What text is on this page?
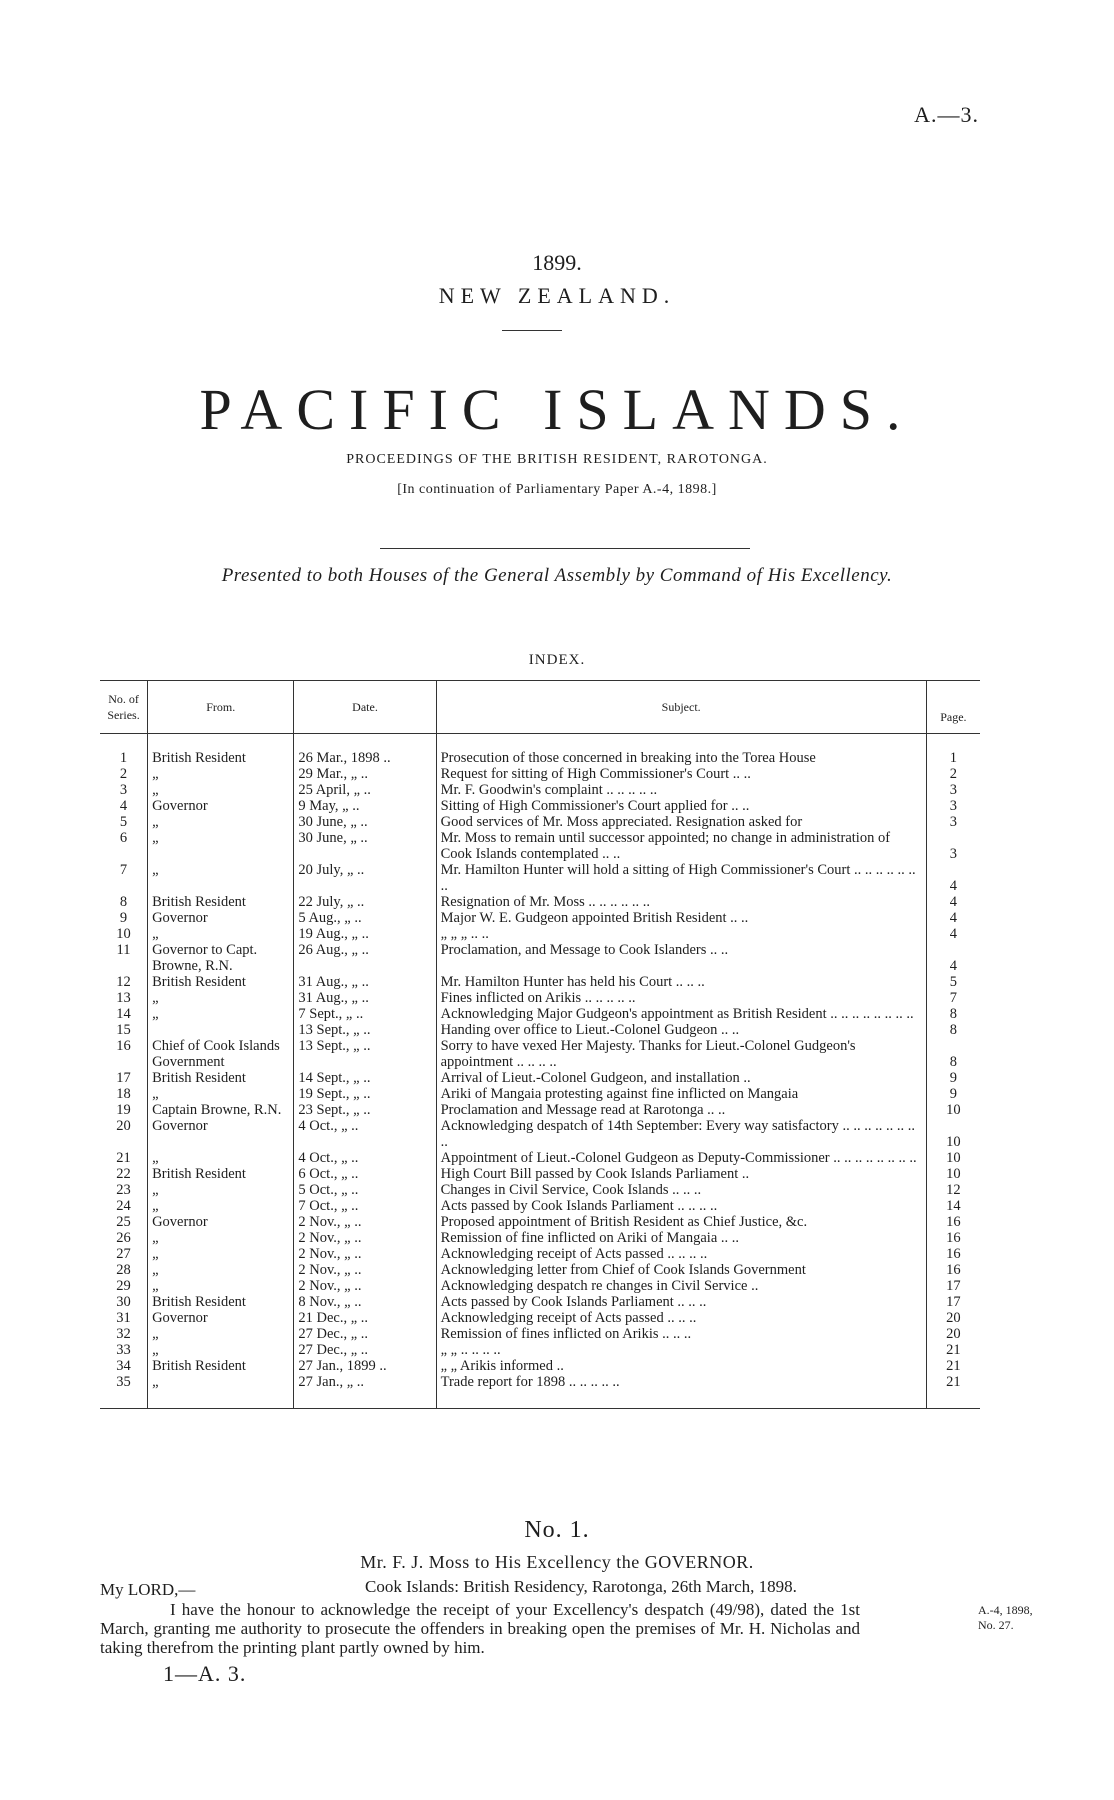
A.—3.
1899.
NEW ZEALAND.
PACIFIC ISLANDS.
PROCEEDINGS OF THE BRITISH RESIDENT, RAROTONGA.
[In continuation of Parliamentary Paper A.-4, 1898.]
Presented to both Houses of the General Assembly by Command of His Excellency.
INDEX.
No. of Series.	From.	Date.	Subject.	Page.
1	British Resident	26 Mar., 1898 ..	Prosecution of those concerned in breaking into the Torea House	1
2	„	29 Mar., „ ..	Request for sitting of High Commissioner's Court .. ..	2
3	„	25 April, „ ..	Mr. F. Goodwin's complaint .. .. .. .. ..	3
4	Governor	9 May, „ ..	Sitting of High Commissioner's Court applied for .. ..	3
5	„	30 June, „ ..	Good services of Mr. Moss appreciated. Resignation asked for	3
6	„	30 June, „ ..	Mr. Moss to remain until successor appointed; no change in administration of Cook Islands contemplated .. ..	3
7	„	20 July, „ ..	Mr. Hamilton Hunter will hold a sitting of High Commissioner's Court .. .. .. .. .. .. ..	4
8	British Resident	22 July, „ ..	Resignation of Mr. Moss .. .. .. .. .. ..	4
9	Governor	5 Aug., „ ..	Major W. E. Gudgeon appointed British Resident .. ..	4
10	„	19 Aug., „ ..	„ „ „ .. ..	4
11	Governor to Capt. Browne, R.N.	26 Aug., „ ..	Proclamation, and Message to Cook Islanders .. ..	4
12	British Resident	31 Aug., „ ..	Mr. Hamilton Hunter has held his Court .. .. ..	5
13	„	31 Aug., „ ..	Fines inflicted on Arikis .. .. .. .. ..	7
14	„	7 Sept., „ ..	Acknowledging Major Gudgeon's appointment as British Resident .. .. .. .. .. .. .. ..	8
15		13 Sept., „ ..	Handing over office to Lieut.-Colonel Gudgeon .. ..	8
16	Chief of Cook Islands Government	13 Sept., „ ..	Sorry to have vexed Her Majesty. Thanks for Lieut.-Colonel Gudgeon's appointment .. .. .. ..	8
17	British Resident	14 Sept., „ ..	Arrival of Lieut.-Colonel Gudgeon, and installation ..	9
18	„	19 Sept., „ ..	Ariki of Mangaia protesting against fine inflicted on Mangaia	9
19	Captain Browne, R.N.	23 Sept., „ ..	Proclamation and Message read at Rarotonga .. ..	10
20	Governor	4 Oct., „ ..	Acknowledging despatch of 14th September: Every way satisfactory .. .. .. .. .. .. .. ..	10
21	„	4 Oct., „ ..	Appointment of Lieut.-Colonel Gudgeon as Deputy-Commissioner .. .. .. .. .. .. .. ..	10
22	British Resident	6 Oct., „ ..	High Court Bill passed by Cook Islands Parliament ..	10
23	„	5 Oct., „ ..	Changes in Civil Service, Cook Islands .. .. ..	12
24	„	7 Oct., „ ..	Acts passed by Cook Islands Parliament .. .. .. ..	14
25	Governor	2 Nov., „ ..	Proposed appointment of British Resident as Chief Justice, &c.	16
26	„	2 Nov., „ ..	Remission of fine inflicted on Ariki of Mangaia .. ..	16
27	„	2 Nov., „ ..	Acknowledging receipt of Acts passed .. .. .. ..	16
28	„	2 Nov., „ ..	Acknowledging letter from Chief of Cook Islands Government	16
29	„	2 Nov., „ ..	Acknowledging despatch re changes in Civil Service ..	17
30	British Resident	8 Nov., „ ..	Acts passed by Cook Islands Parliament .. .. ..	17
31	Governor	21 Dec., „ ..	Acknowledging receipt of Acts passed .. .. ..	20
32	„	27 Dec., „ ..	Remission of fines inflicted on Arikis .. .. ..	20
33	„	27 Dec., „ ..	„ „ .. .. .. ..	21
34	British Resident	27 Jan., 1899 ..	„ „ Arikis informed ..	21
35	„	27 Jan., „ ..	Trade report for 1898 .. .. .. .. ..	21
No. 1.
Mr. F. J. Moss to His Excellency the GOVERNOR.
My LORD,—	Cook Islands: British Residency, Rarotonga, 26th March, 1898.
I have the honour to acknowledge the receipt of your Excellency's despatch (49/98), dated the 1st March, granting me authority to prosecute the offenders in breaking open the premises of Mr. H. Nicholas and taking therefrom the printing plant partly owned by him.
A.-4, 1898,
No. 27.
1—A. 3.
